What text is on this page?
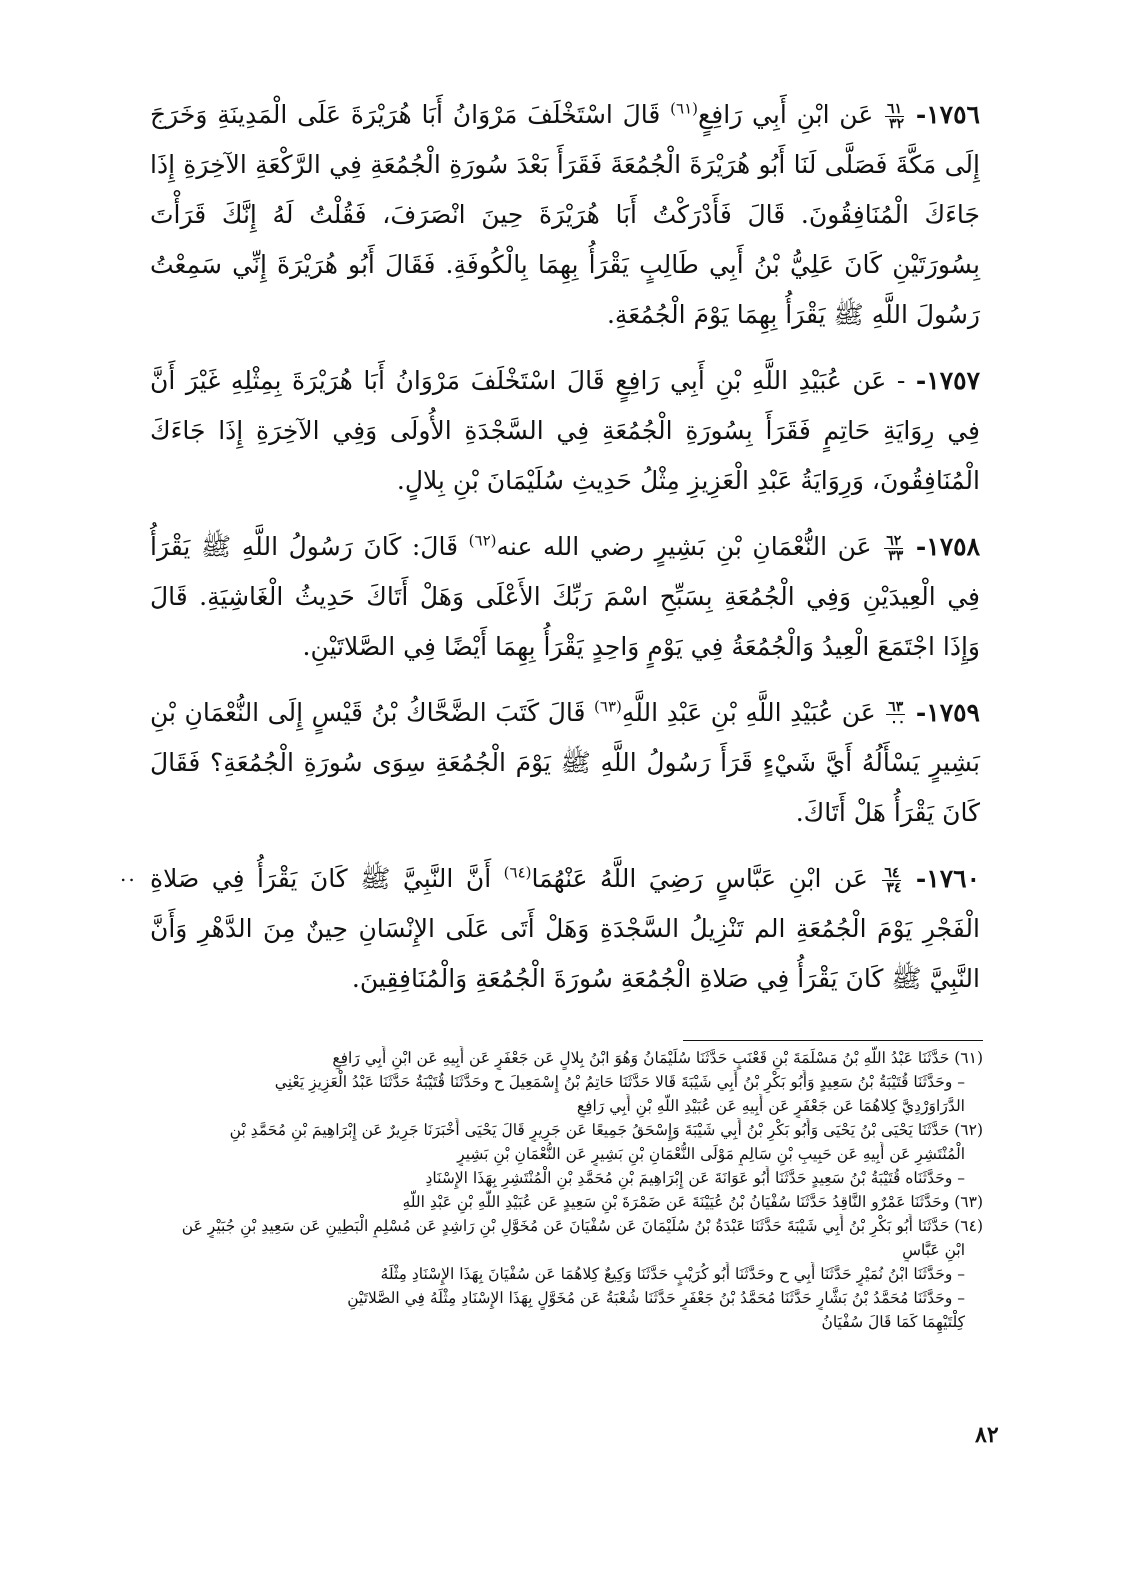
١٧٥٦-
$\frac{٦١}{٣٢}$
عَن ابْنِ أَبِي رَافِعٍ$^{(٦١)}$ قَالَ اسْتَخْلَفَ مَرْوَانُ أَبَا هُرَيْرَةَ عَلَى الْمَدِينَةِ وَخَرَجَ إِلَى مَكَّةَ فَصَلَّى لَنَا أَبُو هُرَيْرَةَ الْجُمُعَةَ فَقَرَأَ بَعْدَ سُورَةِ الْجُمُعَةِ فِي الرَّكْعَةِ الآخِرَةِ إِذَا جَاءَكَ الْمُنَافِقُونَ. قَالَ فَأَدْرَكْتُ أَبَا هُرَيْرَةَ حِينَ انْصَرَفَ، فَقُلْتُ لَهُ إِنَّكَ قَرَأْتَ بِسُورَتَيْنِ كَانَ عَلِيُّ بْنُ أَبِي طَالِبٍ يَقْرَأُ بِهِمَا بِالْكُوفَةِ. فَقَالَ أَبُو هُرَيْرَةَ إِنِّي سَمِعْتُ رَسُولَ اللَّهِ ﷺ يَقْرَأُ بِهِمَا يَوْمَ الْجُمُعَةِ.

١٧٥٧- - عَن عُبَيْدِ اللَّهِ بْنِ أَبِي رَافِعٍ قَالَ اسْتَخْلَفَ مَرْوَانُ أَبَا هُرَيْرَةَ بِمِثْلِهِ غَيْرَ أَنَّ فِي رِوَايَةِ حَاتِمٍ فَقَرَأَ بِسُورَةِ الْجُمُعَةِ فِي السَّجْدَةِ الأُولَى وَفِي الآخِرَةِ إِذَا جَاءَكَ الْمُنَافِقُونَ، وَرِوَايَةُ عَبْدِ الْعَزِيزِ مِثْلُ حَدِيثِ سُلَيْمَانَ بْنِ بِلالٍ.

١٧٥٨-
$\frac{٦٢}{٣٣}$
عَن النُّعْمَانِ بْنِ بَشِيرٍ رضي الله عنه$^{(٦٢)}$ قَالَ: كَانَ رَسُولُ اللَّهِ ﷺ يَقْرَأُ فِي الْعِيدَيْنِ وَفِي الْجُمُعَةِ بِسَبِّحِ اسْمَ رَبِّكَ الأَعْلَى وَهَلْ أَتَاكَ حَدِيثُ الْغَاشِيَةِ. قَالَ وَإِذَا اجْتَمَعَ الْعِيدُ وَالْجُمُعَةُ فِي يَوْمٍ وَاحِدٍ يَقْرَأُ بِهِمَا أَيْضًا فِي الصَّلاتَيْنِ.

١٧٥٩-
$\frac{٦٣}{٠٠}$
عَن عُبَيْدِ اللَّهِ بْنِ عَبْدِ اللَّهِ$^{(٦٣)}$ قَالَ كَتَبَ الضَّحَّاكُ بْنُ قَيْسٍ إِلَى النُّعْمَانِ بْنِ بَشِيرٍ يَسْأَلُهُ أَيَّ شَيْءٍ قَرَأَ رَسُولُ اللَّهِ ﷺ يَوْمَ الْجُمُعَةِ سِوَى سُورَةِ الْجُمُعَةِ؟ فَقَالَ كَانَ يَقْرَأُ هَلْ أَتَاكَ.

١٧٦٠-
$\frac{٦٤}{٣٤}$
عَن ابْنِ عَبَّاسٍ رَضِيَ اللَّهُ عَنْهُمَا$^{(٦٤)}$ أَنَّ النَّبِيَّ ﷺ كَانَ يَقْرَأُ فِي صَلاةِ الْفَجْرِ يَوْمَ الْجُمُعَةِ الم تَنْزِيلُ السَّجْدَةِ وَهَلْ أَتَى عَلَى الإِنْسَانِ حِينٌ مِنَ الدَّهْرِ وَأَنَّ النَّبِيَّ ﷺ كَانَ يَقْرَأُ فِي صَلاةِ الْجُمُعَةِ سُورَةَ الْجُمُعَةِ وَالْمُنَافِقِينَ.

..
(٦١) حَدَّثَنَا عَبْدُ اللَّهِ بْنُ مَسْلَمَةَ بْنِ قَعْنَبٍ حَدَّثَنَا سُلَيْمَانُ وَهُوَ ابْنُ بِلالٍ عَن جَعْفَرٍ عَن أَبِيهِ عَن ابْنِ أَبِي رَافِعٍ
– وحَدَّثَنَا قُتَيْبَةُ بْنُ سَعِيدٍ وَأَبُو بَكْرِ بْنُ أَبِي شَيْبَةَ قَالا حَدَّثَنَا حَاتِمُ بْنُ إِسْمَعِيلَ ح وحَدَّثَنَا قُتَيْبَةُ حَدَّثَنَا عَبْدُ الْعَزِيزِ يَعْنِي
الدَّرَاوَرْدِيَّ كِلاهُمَا عَن جَعْفَرٍ عَن أَبِيهِ عَن عُبَيْدِ اللَّهِ بْنِ أَبِي رَافِعٍ
(٦٢) حَدَّثَنَا يَحْيَى بْنُ يَحْيَى وَأَبُو بَكْرِ بْنُ أَبِي شَيْبَةَ وَإِسْحَقُ جَمِيعًا عَن جَرِيرٍ قَالَ يَحْيَى أَخْبَرَنَا جَرِيرٌ عَن إِبْرَاهِيمَ بْنِ مُحَمَّدِ بْنِ
الْمُنْتَشِرِ عَن أَبِيهِ عَن حَبِيبِ بْنِ سَالِمٍ مَوْلَى النُّعْمَانِ بْنِ بَشِيرٍ عَن النُّعْمَانِ بْنِ بَشِيرٍ
– وحَدَّثَنَاه قُتَيْبَةُ بْنُ سَعِيدٍ حَدَّثَنَا أَبُو عَوَانَةَ عَن إِبْرَاهِيمَ بْنِ مُحَمَّدِ بْنِ الْمُنْتَشِرِ بِهَذَا الإِسْنَادِ
(٦٣) وحَدَّثَنَا عَمْرٌو النَّاقِدُ حَدَّثَنَا سُفْيَانُ بْنُ عُيَيْنَةَ عَن ضَمْرَةَ بْنِ سَعِيدٍ عَن عُبَيْدِ اللَّهِ بْنِ عَبْدِ اللَّهِ
(٦٤) حَدَّثَنَا أَبُو بَكْرِ بْنُ أَبِي شَيْبَةَ حَدَّثَنَا عَبْدَةُ بْنُ سُلَيْمَانَ عَن سُفْيَانَ عَن مُخَوَّلِ بْنِ رَاشِدٍ عَن مُسْلِمٍ الْبَطِينِ عَن سَعِيدِ بْنِ جُبَيْرٍ عَن
ابْنِ عَبَّاسٍ
– وحَدَّثَنَا ابْنُ نُمَيْرٍ حَدَّثَنَا أَبِي ح وحَدَّثَنَا أَبُو كُرَيْبٍ حَدَّثَنَا وَكِيعٌ كِلاهُمَا عَن سُفْيَانَ بِهَذَا الإِسْنَادِ مِثْلَهُ
– وحَدَّثَنَا مُحَمَّدُ بْنُ بَشَّارٍ حَدَّثَنَا مُحَمَّدُ بْنُ جَعْفَرٍ حَدَّثَنَا شُعْبَةُ عَن مُخَوَّلٍ بِهَذَا الإِسْنَادِ مِثْلَهُ فِي الصَّلاتَيْنِ
كِلْتَيْهِمَا كَمَا قَالَ سُفْيَانُ
٨٢
